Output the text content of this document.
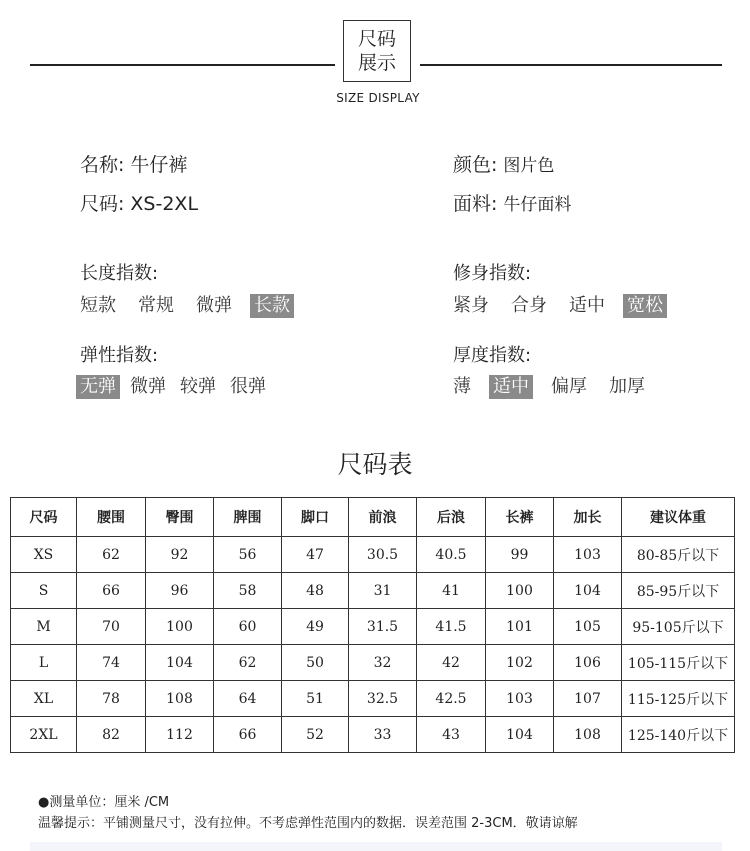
尺码
展示
SIZE DISPLAY
名称: 牛仔裤
尺码: XS-2XL
颜色: 图片色
面料: 牛仔面料
长度指数:
短款 常规 微弹 长款
修身指数:
紧身 合身 适中 宽松
弹性指数:
无弹 微弹 较弹 很弹
厚度指数:
薄 适中 偏厚 加厚
尺码表
尺码	腰围	臀围	脾围	脚口	前浪	后浪	长裤	加长	建议体重
XS	62	92	56	47	30.5	40.5	99	103	80-85斤以下
S	66	96	58	48	31	41	100	104	85-95斤以下
M	70	100	60	49	31.5	41.5	101	105	95-105斤以下
L	74	104	62	50	32	42	102	106	105-115斤以下
XL	78	108	64	51	32.5	42.5	103	107	115-125斤以下
2XL	82	112	66	52	33	43	104	108	125-140斤以下
●测量单位：厘米 /CM
温馨提示：平铺测量尺寸，没有拉伸。不考虑弹性范围内的数据．误差范围 2-3CM．敬请谅解
